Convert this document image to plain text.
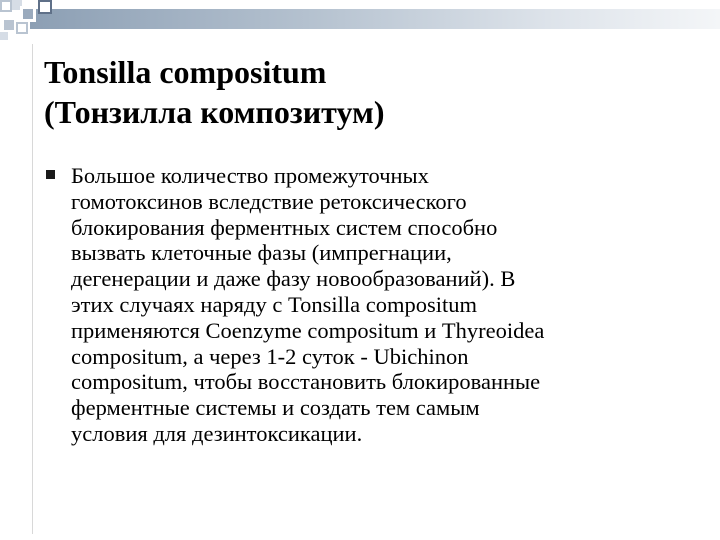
Tonsilla compositum
(Тонзилла композитум)
Большое количество промежуточных
гомотоксинов вследствие ретоксического
блокирования ферментных систем способно
вызвать клеточные фазы (импрегнации,
дегенерации и даже фазу новообразований). В
этих случаях наряду с Tonsilla compositum
применяются Coenzyme compositum и Thyreoidea
compositum, а через 1-2 суток - Ubichinon
compositum, чтобы восстановить блокированные
ферментные системы и создать тем самым
условия для дезинтоксикации.
